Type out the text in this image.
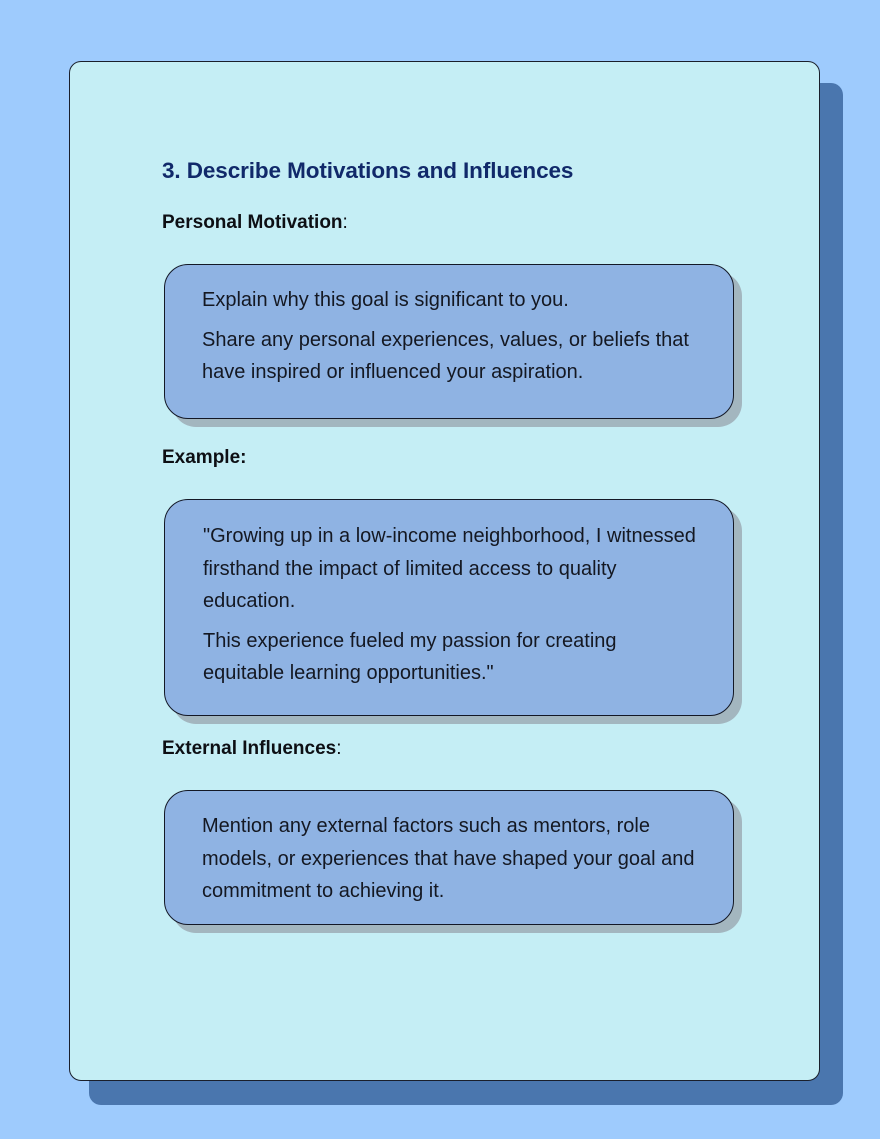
3. Describe Motivations and Influences
Personal Motivation:

Explain why this goal is significant to you.

Share any personal experiences, values, or beliefs that have inspired or influenced your aspiration.

Example:

"Growing up in a low-income neighborhood, I witnessed firsthand the impact of limited access to quality education.

This experience fueled my passion for creating equitable learning opportunities."

External Influences:

Mention any external factors such as mentors, role models, or experiences that have shaped your goal and commitment to achieving it.
